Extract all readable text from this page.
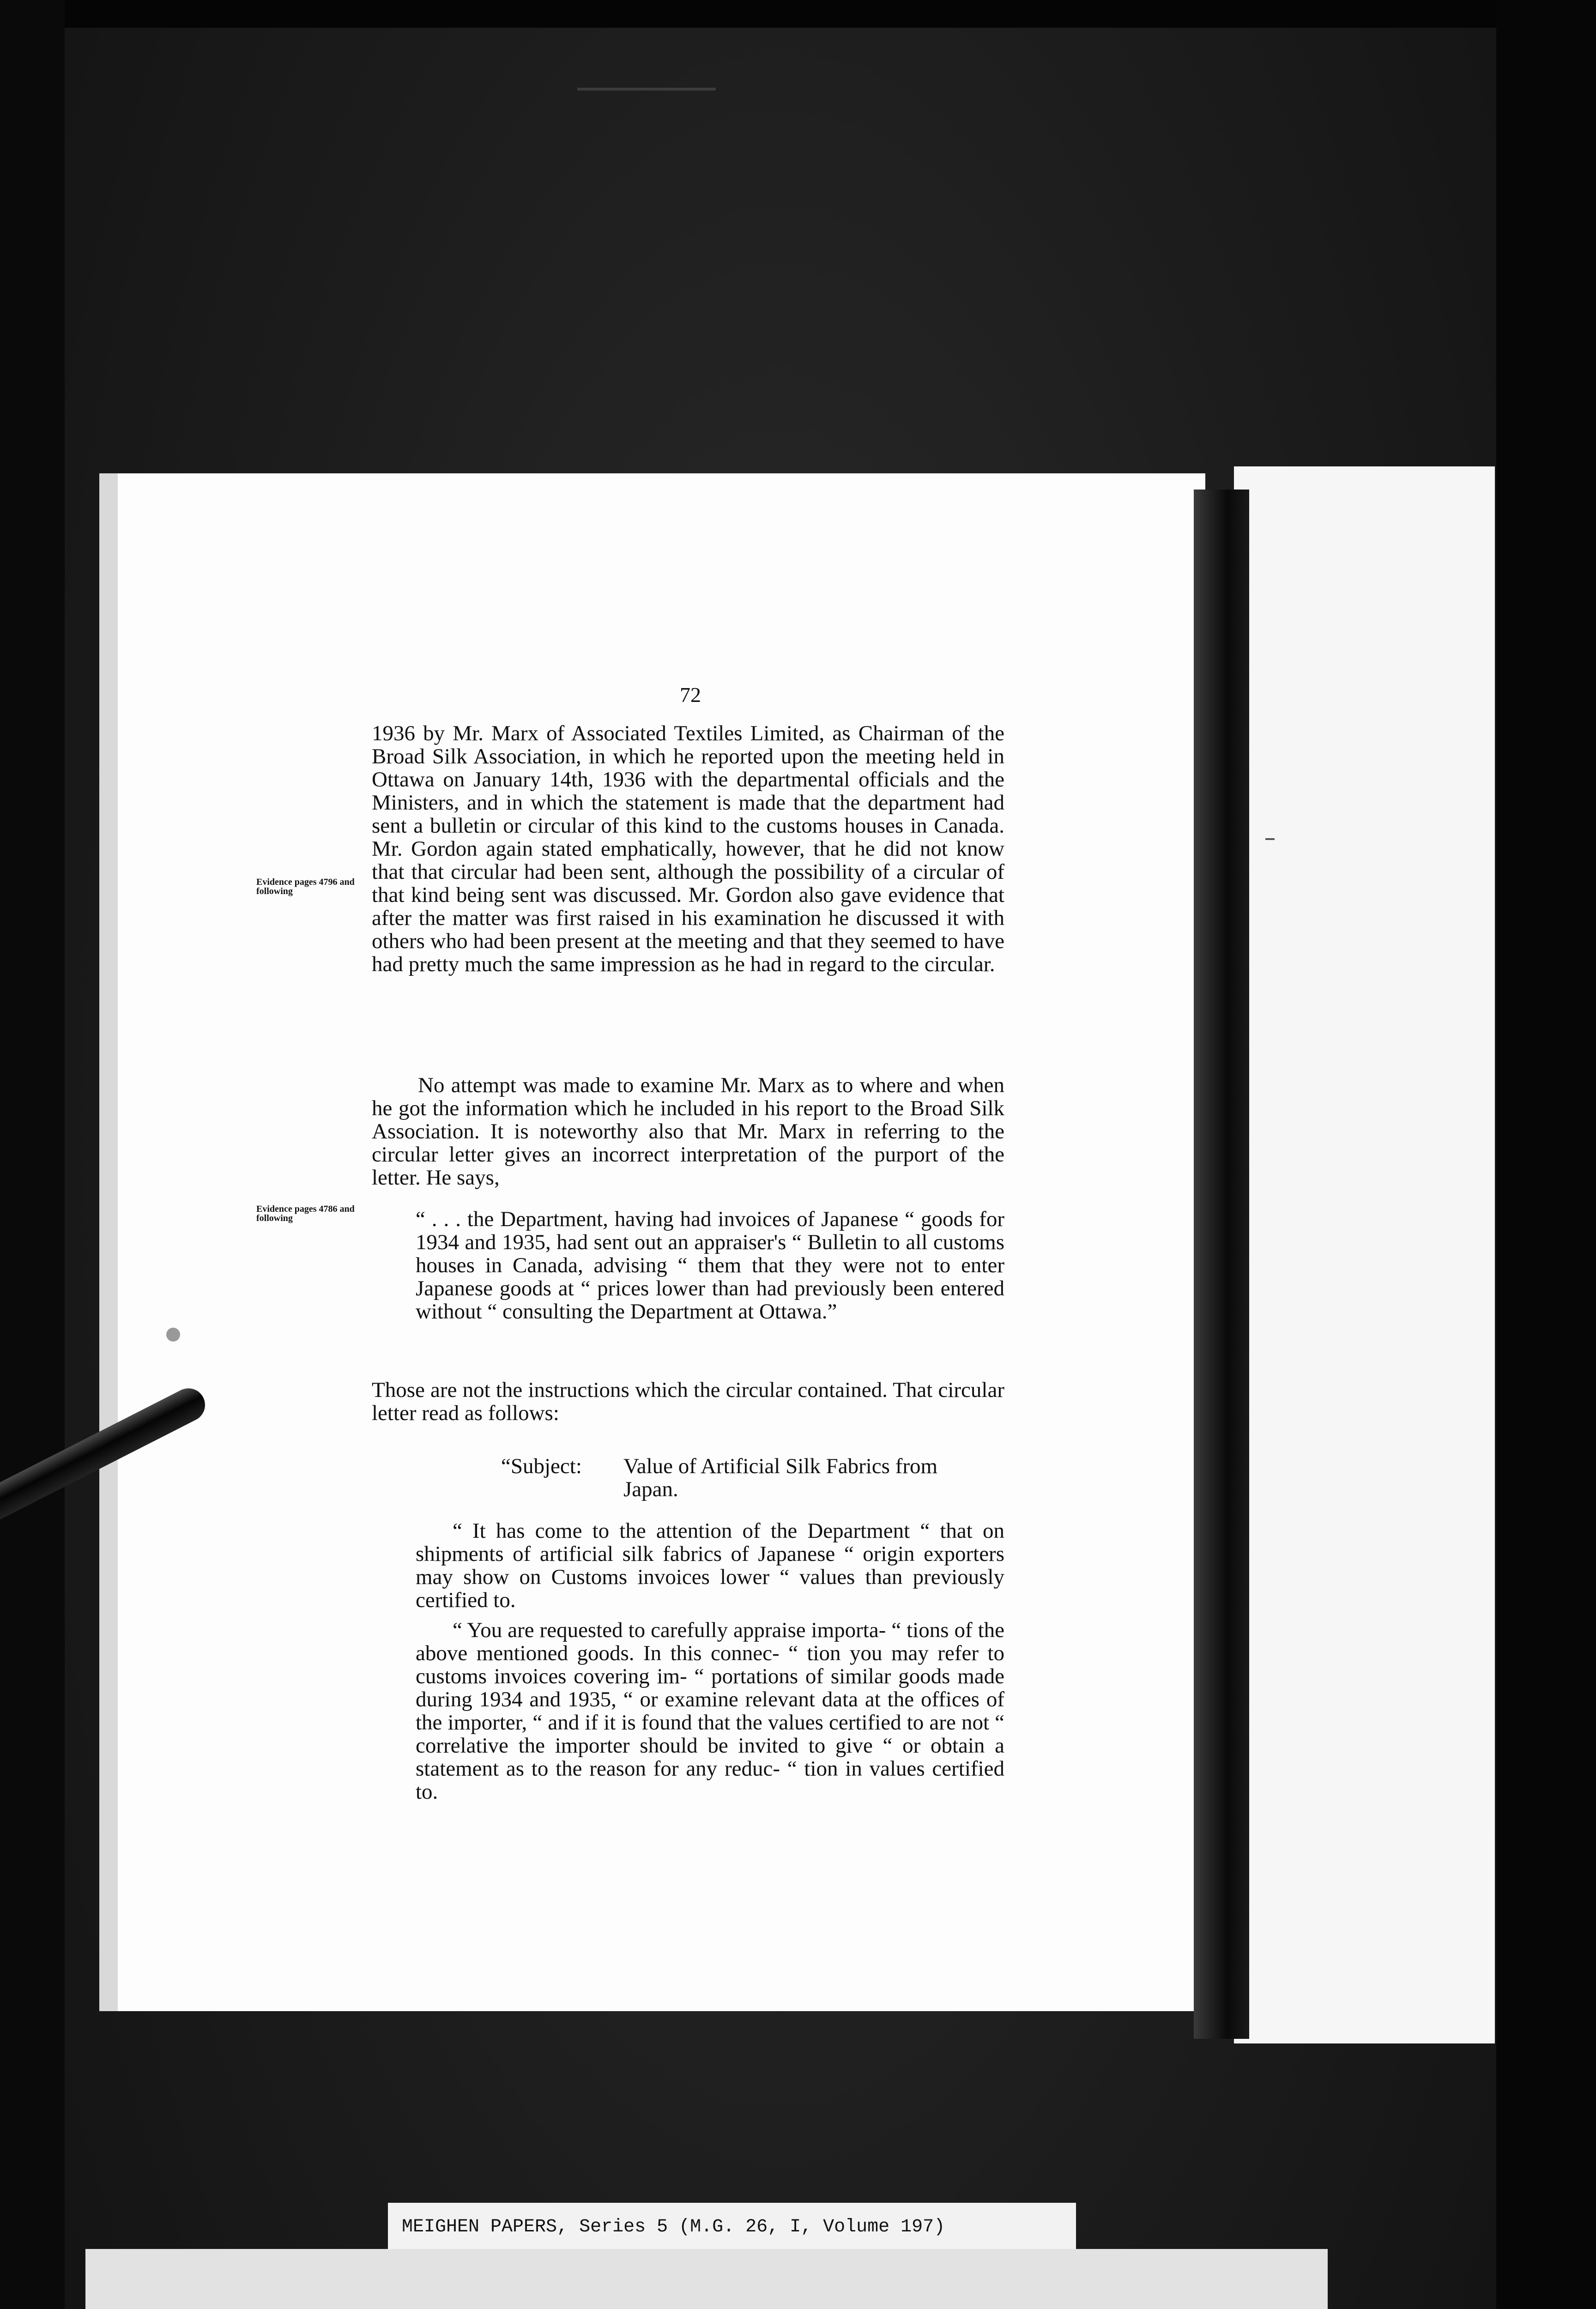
72
1936 by Mr. Marx of Associated Textiles Limited, as Chairman of the Broad Silk Association, in which he reported upon the meeting held in Ottawa on January 14th, 1936 with the departmental officials and the Ministers, and in which the statement is made that the department had sent a bulletin or circular of this kind to the customs houses in Canada. Mr. Gordon again stated emphatically, however, that he did not know that that circular had been sent, although the possibility of a circular of that kind being sent was discussed. Mr. Gordon also gave evidence that after the matter was first raised in his examination he discussed it with others who had been present at the meeting and that they seemed to have had pretty much the same impression as he had in regard to the circular.
Evidence pages 4796 and following
No attempt was made to examine Mr. Marx as to where and when he got the information which he included in his report to the Broad Silk Association. It is noteworthy also that Mr. Marx in referring to the circular letter gives an incorrect interpretation of the purport of the letter. He says,
Evidence pages 4786 and following	“ . . . the Department, having had invoices of Japanese “ goods for 1934 and 1935, had sent out an appraiser's “ Bulletin to all customs houses in Canada, advising “ them that they were not to enter Japanese goods at “ prices lower than had previously been entered without “ consulting the Department at Ottawa.”
Those are not the instructions which the circular contained. That circular letter read as follows:
“Subject: Value of Artificial Silk Fabrics from Japan.
“ It has come to the attention of the Department “ that on shipments of artificial silk fabrics of Japanese “ origin exporters may show on Customs invoices lower “ values than previously certified to.
“ You are requested to carefully appraise importa- “ tions of the above mentioned goods. In this connec- “ tion you may refer to customs invoices covering im- “ portations of similar goods made during 1934 and 1935, “ or examine relevant data at the offices of the importer, “ and if it is found that the values certified to are not “ correlative the importer should be invited to give “ or obtain a statement as to the reason for any reduc- “ tion in values certified to.
MEIGHEN PAPERS, Series 5 (M.G. 26, I, Volume 197)
